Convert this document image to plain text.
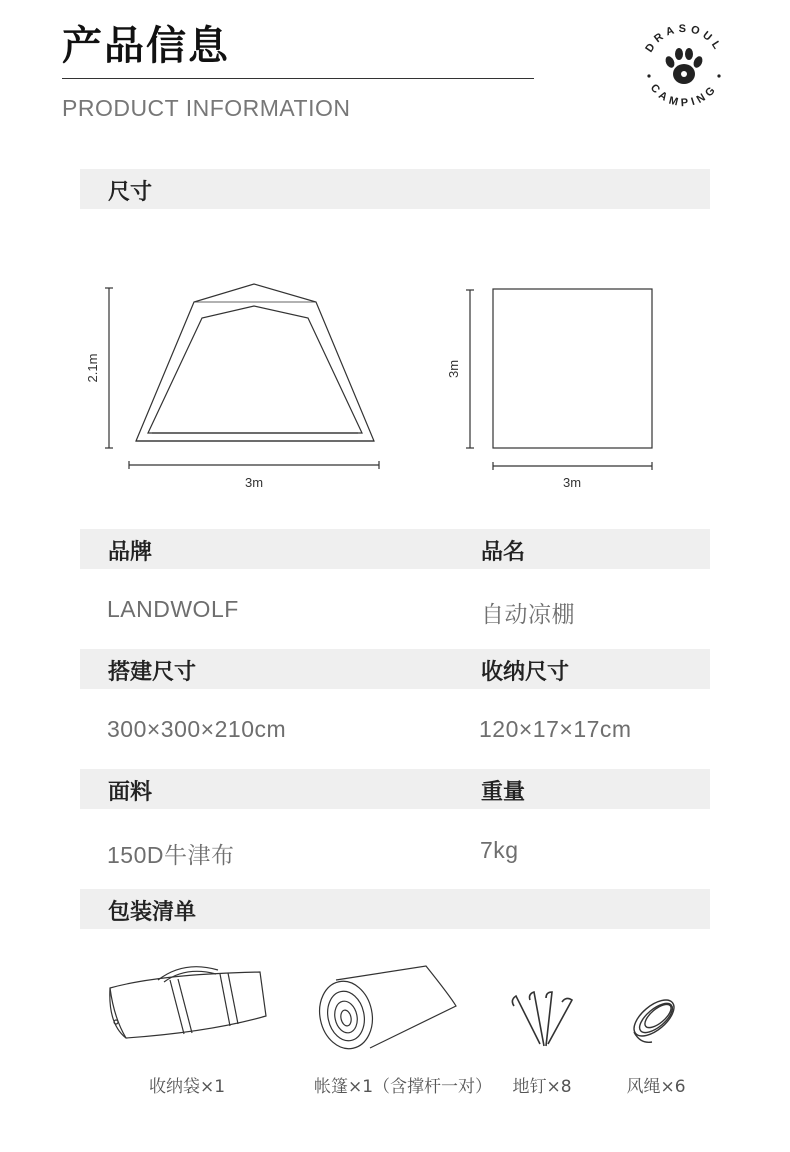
产品信息
PRODUCT INFORMATION
DRASOUL
CAMPING
尺寸
2.1m
3m
3m
3m
品牌	品名
LANDWOLF	自动凉棚
搭建尺寸	收纳尺寸
300×300×210cm	120×17×17cm
面料	重量
150D牛津布	7kg
包装清单
收纳袋×1	帐篷×1（含撑杆一对）	地钉×8	风绳×6
